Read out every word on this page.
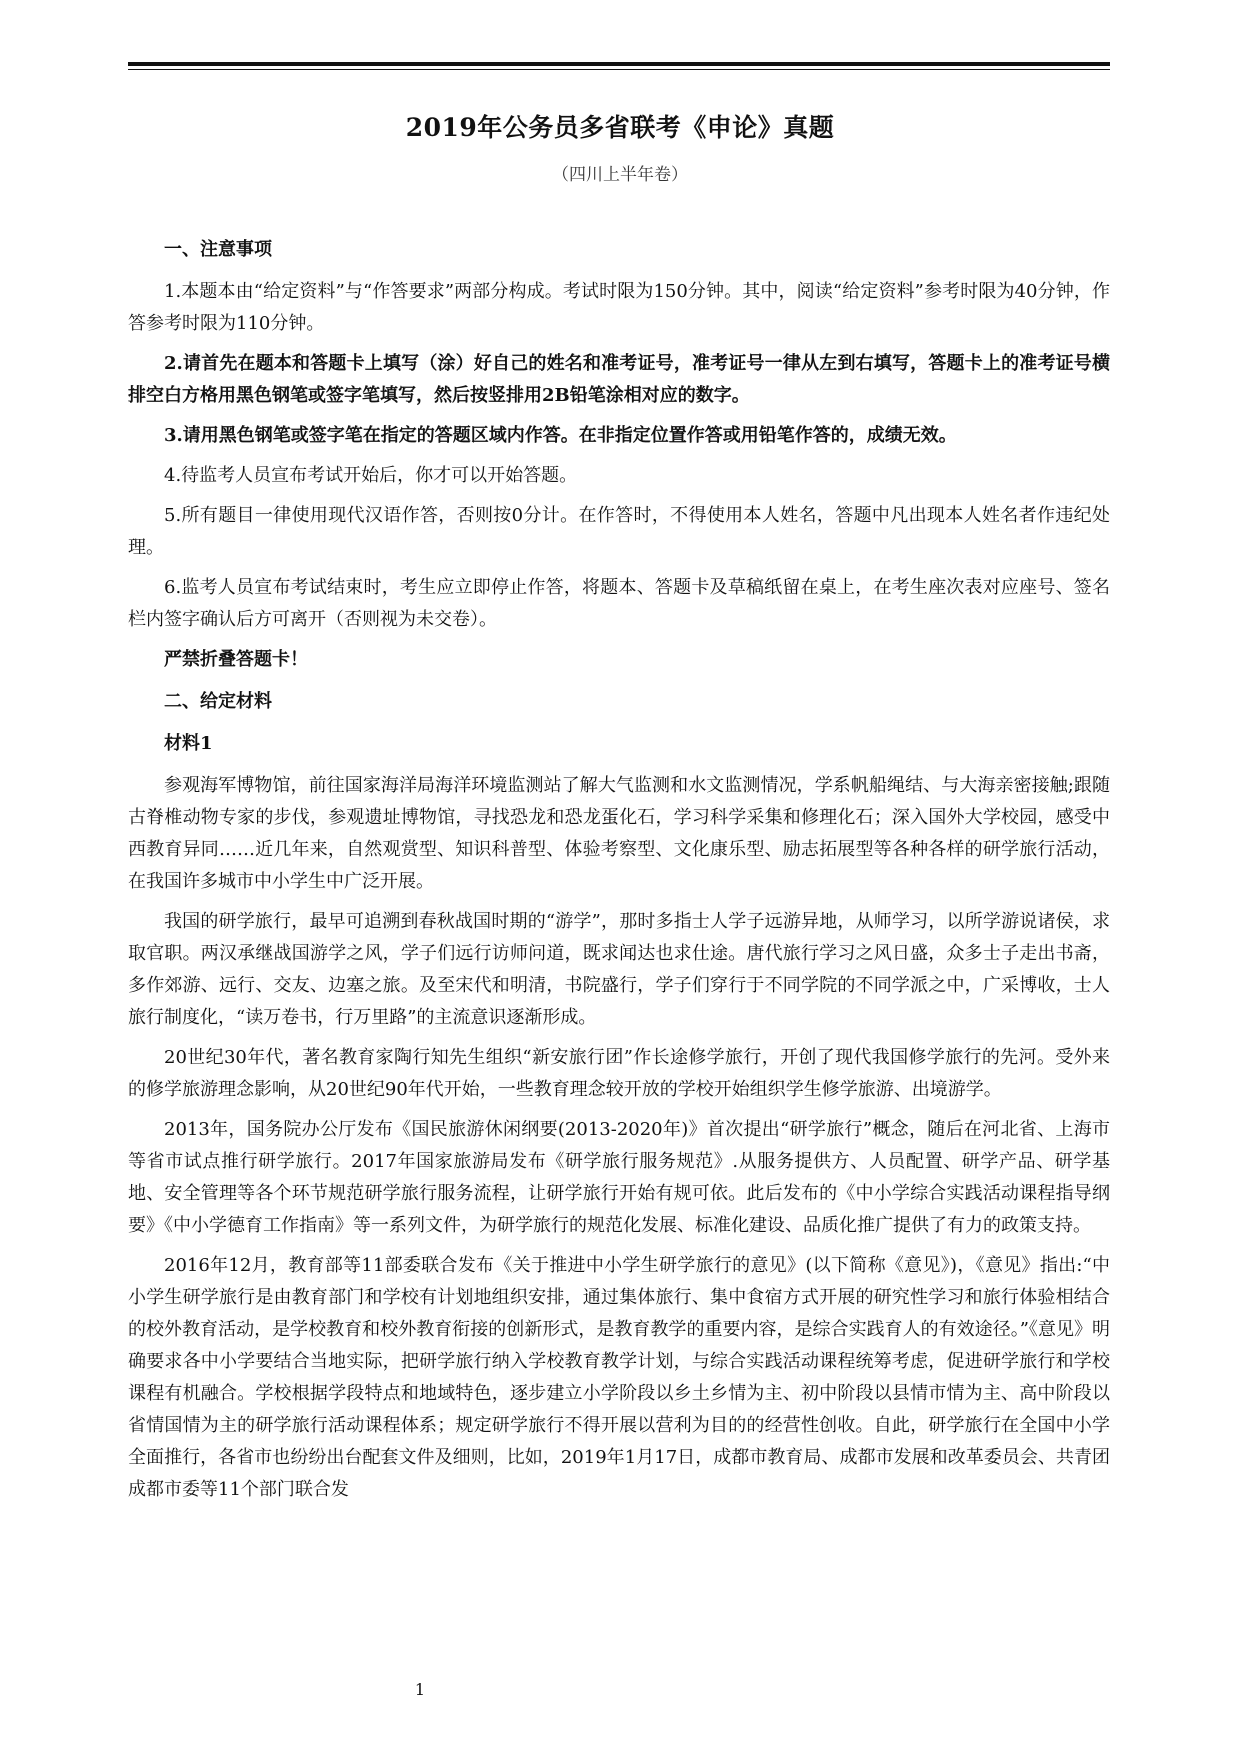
2019年公务员多省联考《申论》真题
（四川上半年卷）

一、注意事项

1.本题本由“给定资料”与“作答要求”两部分构成。考试时限为150分钟。其中，阅读“给定资料”参考时限为40分钟，作答参考时限为110分钟。

2.请首先在题本和答题卡上填写（涂）好自己的姓名和准考证号，准考证号一律从左到右填写，答题卡上的准考证号横排空白方格用黑色钢笔或签字笔填写，然后按竖排用2B铅笔涂相对应的数字。

3.请用黑色钢笔或签字笔在指定的答题区域内作答。在非指定位置作答或用铅笔作答的，成绩无效。

4.待监考人员宣布考试开始后，你才可以开始答题。

5.所有题目一律使用现代汉语作答，否则按0分计。在作答时，不得使用本人姓名，答题中凡出现本人姓名者作违纪处理。

6.监考人员宣布考试结束时，考生应立即停止作答，将题本、答题卡及草稿纸留在桌上，在考生座次表对应座号、签名栏内签字确认后方可离开（否则视为未交卷）。

严禁折叠答题卡！

二、给定材料

材料1

参观海军博物馆，前往国家海洋局海洋环境监测站了解大气监测和水文监测情况，学系帆船绳结、与大海亲密接触;跟随古脊椎动物专家的步伐，参观遗址博物馆，寻找恐龙和恐龙蛋化石，学习科学采集和修理化石；深入国外大学校园，感受中西教育异同……近几年来，自然观赏型、知识科普型、体验考察型、文化康乐型、励志拓展型等各种各样的研学旅行活动，在我国许多城市中小学生中广泛开展。

我国的研学旅行，最早可追溯到春秋战国时期的“游学”，那时多指士人学子远游异地，从师学习，以所学游说诸侯，求取官职。两汉承继战国游学之风，学子们远行访师问道，既求闻达也求仕途。唐代旅行学习之风日盛，众多士子走出书斋，多作郊游、远行、交友、边塞之旅。及至宋代和明清，书院盛行，学子们穿行于不同学院的不同学派之中，广采博收，士人旅行制度化，“读万卷书，行万里路”的主流意识逐渐形成。

20世纪30年代，著名教育家陶行知先生组织“新安旅行团”作长途修学旅行，开创了现代我国修学旅行的先河。受外来的修学旅游理念影响，从20世纪90年代开始，一些教育理念较开放的学校开始组织学生修学旅游、出境游学。

2013年，国务院办公厅发布《国民旅游休闲纲要(2013-2020年)》首次提出“研学旅行”概念，随后在河北省、上海市等省市试点推行研学旅行。2017年国家旅游局发布《研学旅行服务规范》.从服务提供方、人员配置、研学产品、研学基地、安全管理等各个环节规范研学旅行服务流程，让研学旅行开始有规可依。此后发布的《中小学综合实践活动课程指导纲要》《中小学德育工作指南》等一系列文件，为研学旅行的规范化发展、标准化建设、品质化推广提供了有力的政策支持。

2016年12月，教育部等11部委联合发布《关于推进中小学生研学旅行的意见》(以下简称《意见》)，《意见》指出:“中小学生研学旅行是由教育部门和学校有计划地组织安排，通过集体旅行、集中食宿方式开展的研究性学习和旅行体验相结合的校外教育活动，是学校教育和校外教育衔接的创新形式，是教育教学的重要内容，是综合实践育人的有效途径。”《意见》明确要求各中小学要结合当地实际，把研学旅行纳入学校教育教学计划，与综合实践活动课程统筹考虑，促进研学旅行和学校课程有机融合。学校根据学段特点和地域特色，逐步建立小学阶段以乡土乡情为主、初中阶段以县情市情为主、高中阶段以省情国情为主的研学旅行活动课程体系；规定研学旅行不得开展以营利为目的的经营性创收。自此，研学旅行在全国中小学全面推行，各省市也纷纷出台配套文件及细则，比如，2019年1月17日，成都市教育局、成都市发展和改革委员会、共青团成都市委等11个部门联合发

1
